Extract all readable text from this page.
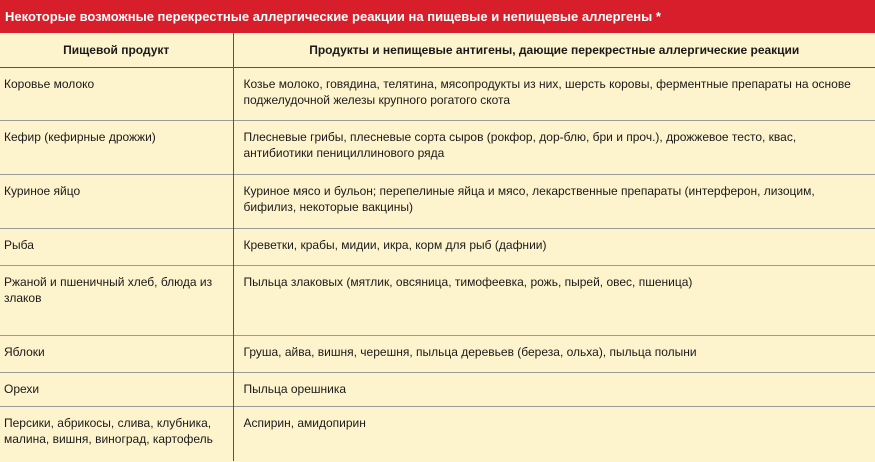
Некоторые возможные перекрестные аллергические реакции на пищевые и непищевые аллергены *
Пищевой продукт	Продукты и непищевые антигены, дающие перекрестные аллергические реакции
Коровье молоко	Козье молоко, говядина, телятина, мясопродукты из них, шерсть коровы, ферментные препараты на основе поджелудочной железы крупного рогатого скота
Кефир (кефирные дрожжи)	Плесневые грибы, плесневые сорта сыров (рокфор, дор-блю, бри и проч.), дрожжевое тесто, квас, антибиотики пенициллинового ряда
Куриное яйцо	Куриное мясо и бульон; перепелиные яйца и мясо, лекарственные препараты (интерферон, лизоцим, бифилиз, некоторые вакцины)
Рыба	Креветки, крабы, мидии, икра, корм для рыб (дафнии)
Ржаной и пшеничный хлеб, блюда из злаков	Пыльца злаковых (мятлик, овсяница, тимофеевка, рожь, пырей, овес, пшеница)
Яблоки	Груша, айва, вишня, черешня, пыльца деревьев (береза, ольха), пыльца полыни
Орехи	Пыльца орешника
Персики, абрикосы, слива, клубника, малина, вишня, виноград, картофель	Аспирин, амидопирин
